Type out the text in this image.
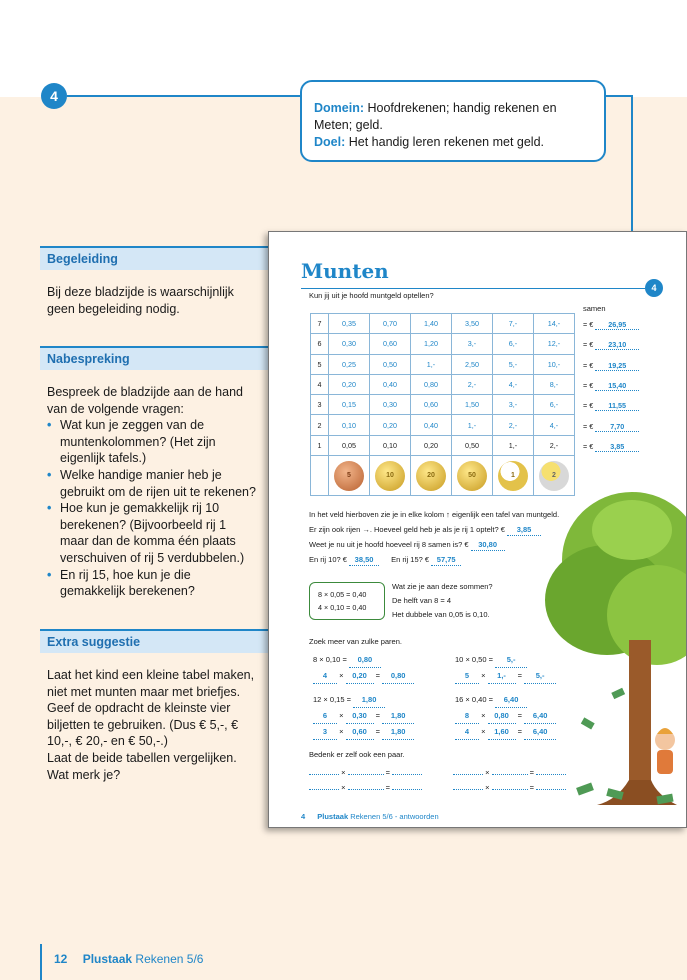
4
Domein: Hoofdrekenen; handig rekenen en Meten; geld.
Doel: Het handig leren rekenen met geld.
Begeleiding
Bij deze bladzijde is waarschijnlijk geen begeleiding nodig.
Nabespreking
Bespreek de bladzijde aan de hand van de volgende vragen:
• Wat kun je zeggen van de muntenkolommen? (Het zijn eigenlijk tafels.)
• Welke handige manier heb je gebruikt om de rijen uit te rekenen?
• Hoe kun je gemakkelijk rij 10 berekenen? (Bijvoorbeeld rij 1 maar dan de komma één plaats verschuiven of rij 5 verdubbelen.)
• En rij 15, hoe kun je die gemakkelijk berekenen?
Extra suggestie
Laat het kind een kleine tabel maken, niet met munten maar met briefjes.
Geef de opdracht de kleinste vier biljetten te gebruiken. (Dus € 5,-, € 10,-, € 20,- en € 50,-.)
Laat de beide tabellen vergelijken. Wat merk je?
12 Plustaak Rekenen 5/6
Munten
4
Kun jij uit je hoofd muntgeld optellen?
samen
7	0,35	0,70	1,40	3,50	7,-	14,-
6	0,30	0,60	1,20	3,-	6,-	12,-
5	0,25	0,50	1,-	2,50	5,-	10,-
4	0,20	0,40	0,80	2,-	4,-	8,-
3	0,15	0,30	0,60	1,50	3,-	6,-
2	0,10	0,20	0,40	1,-	2,-	4,-
1	0,05	0,10	0,20	0,50	1,-	2,-

5	10	20	50	1	2
= € 26,95
= € 23,10
= € 19,25
= € 15,40
= € 11,55
= € 7,70
= € 3,85
In het veld hierboven zie je in elke kolom ↑ eigenlijk een tafel van muntgeld.
Er zijn ook rijen →. Hoeveel geld heb je als je rij 1 optelt? € 3,85
Weet je nu uit je hoofd hoeveel rij 8 samen is? € 30,80
En rij 10? € 38,50 En rij 15? € 57,75
8 × 0,05 = 0,40
4 × 0,10 = 0,40
Wat zie je aan deze sommen?
De helft van 8 = 4
Het dubbele van 0,05 is 0,10.
Zoek meer van zulke paren.
8 × 0,10 = 0,80
4 × 0,20 = 0,80
10 × 0,50 = 5,-
5 × 1,- = 5,-
12 × 0,15 = 1,80
6 × 0,30 = 1,80
3 × 0,60 = 1,80
16 × 0,40 = 6,40
8 × 0,80 = 6,40
4 × 1,60 = 6,40
Bedenk er zelf ook een paar.
×	=
×	=
×	=
×	=
4 Plustaak Rekenen 5/6 - antwoorden
